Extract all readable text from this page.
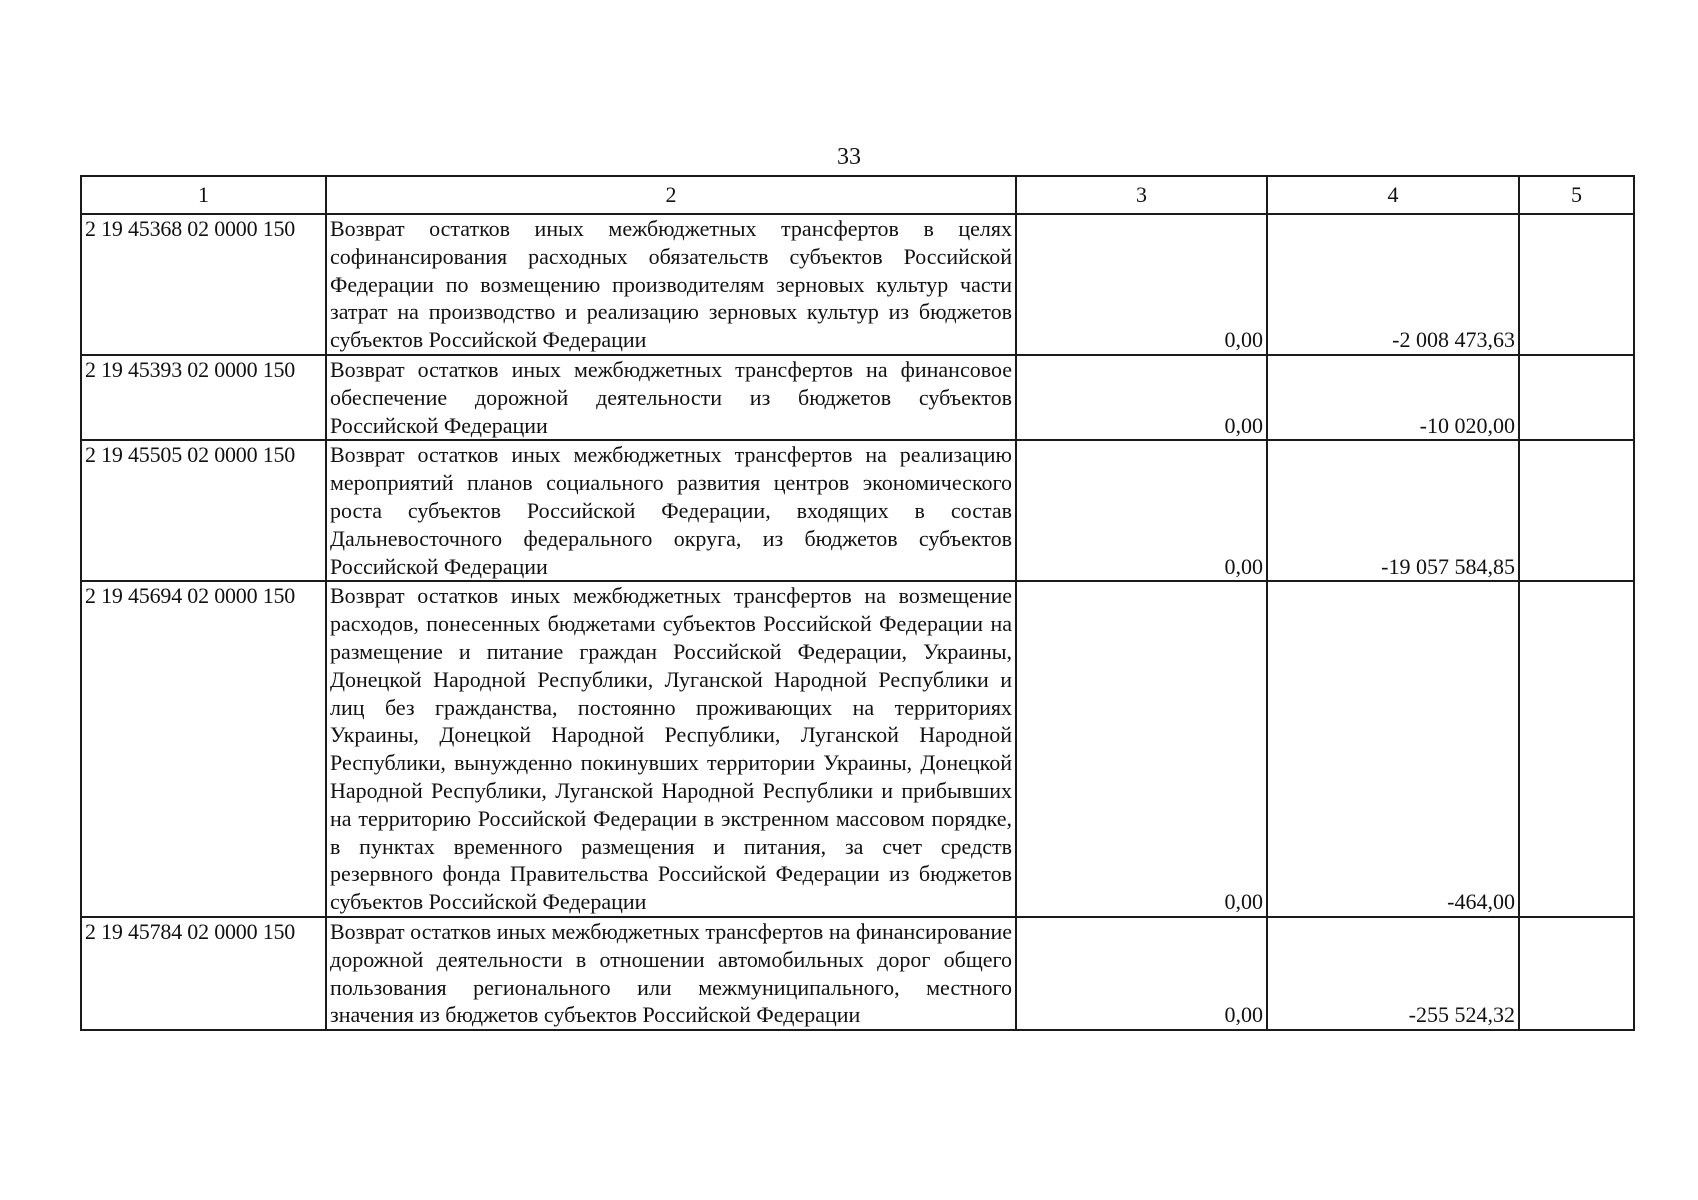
33
1	2	3	4	5
2 19 45368 02 0000 150	Возврат остатков иных межбюджетных трансфертов в целях софинансирования расходных обязательств субъектов Российской Федерации по возмещению производителям зерновых культур части затрат на производство и реализацию зерновых культур из бюджетов субъектов Российской Федерации	0,00	-2 008 473,63	
2 19 45393 02 0000 150	Возврат остатков иных межбюджетных трансфертов на финансовое обеспечение дорожной деятельности из бюджетов субъектов Российской Федерации	0,00	-10 020,00	
2 19 45505 02 0000 150	Возврат остатков иных межбюджетных трансфертов на реализацию мероприятий планов социального развития центров экономического роста субъектов Российской Федерации, входящих в состав Дальневосточного федерального округа, из бюджетов субъектов Российской Федерации	0,00	-19 057 584,85	
2 19 45694 02 0000 150	Возврат остатков иных межбюджетных трансфертов на возмещение расходов, понесенных бюджетами субъектов Российской Федерации на размещение и питание граждан Российской Федерации, Украины, Донецкой Народной Республики, Луганской Народной Республики и лиц без гражданства, постоянно проживающих на территориях Украины, Донецкой Народной Республики, Луганской Народной Республики, вынужденно покинувших территории Украины, Донецкой Народной Республики, Луганской Народной Республики и прибывших на территорию Российской Федерации в экстренном массовом порядке, в пунктах временного размещения и питания, за счет средств резервного фонда Правительства Российской Федерации из бюджетов субъектов Российской Федерации	0,00	-464,00	
2 19 45784 02 0000 150	Возврат остатков иных межбюджетных трансфертов на финансирование дорожной деятельности в отношении автомобильных дорог общего пользования регионального или межмуниципального, местного значения из бюджетов субъектов Российской Федерации	0,00	-255 524,32	
